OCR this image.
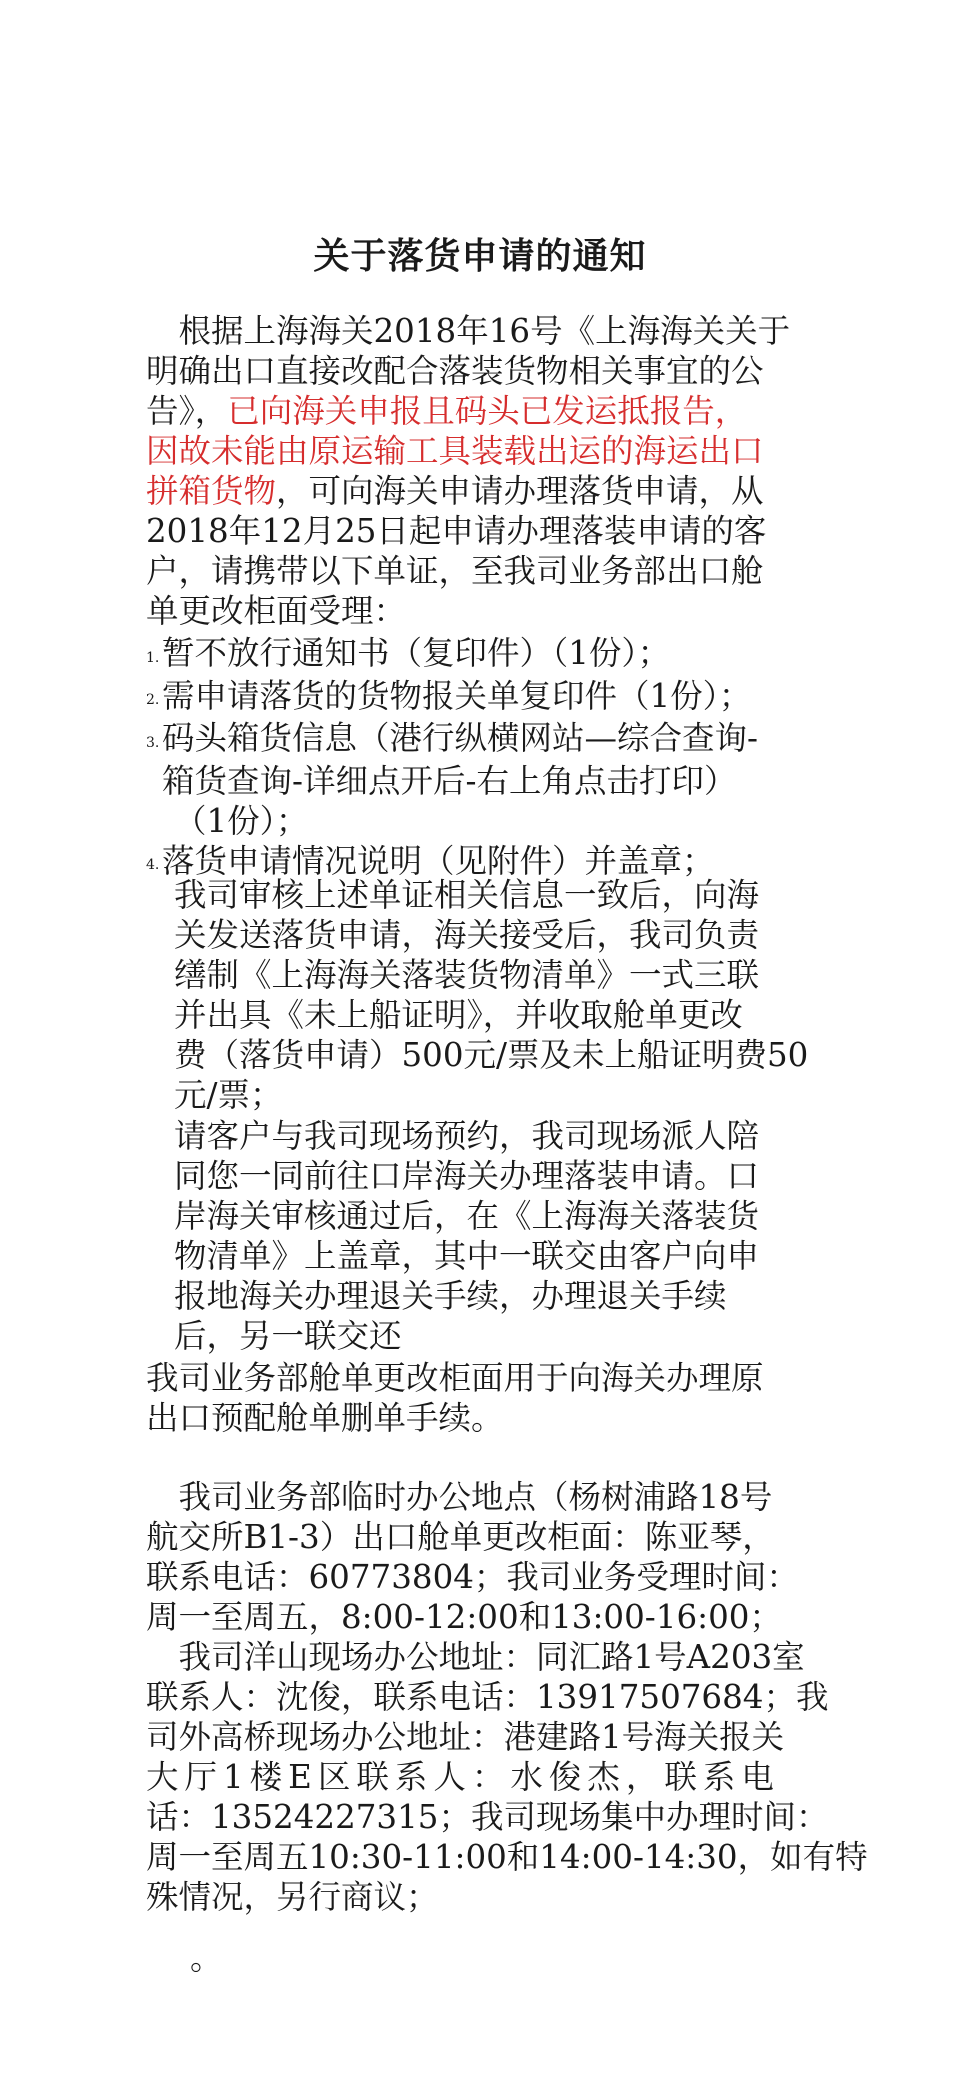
关于落货申请的通知
　根据上海海关2018年16号《上海海关关于
明确出口直接改配合落装货物相关事宜的公
告》，已向海关申报且码头已发运抵报告，
因故未能由原运输工具装载出运的海运出口
拼箱货物，可向海关申请办理落货申请，从
2018年12月25日起申请办理落装申请的客
户，请携带以下单证，至我司业务部出口舱
单更改柜面受理：
1.暂不放行通知书（复印件）（1份）；
2.需申请落货的货物报关单复印件（1份）；
3.码头箱货信息（港行纵横网站—综合查询-
箱货查询-详细点开后-右上角点击打印）
（1份）；
4.落货申请情况说明（见附件）并盖章；
我司审核上述单证相关信息一致后，向海
关发送落货申请，海关接受后，我司负责
缮制《上海海关落装货物清单》一式三联
并出具《未上船证明》，并收取舱单更改
费（落货申请）500元/票及未上船证明费50
元/票；
请客户与我司现场预约，我司现场派人陪
同您一同前往口岸海关办理落装申请。口
岸海关审核通过后，在《上海海关落装货
物清单》上盖章，其中一联交由客户向申
报地海关办理退关手续，办理退关手续
后，另一联交还
我司业务部舱单更改柜面用于向海关办理原
出口预配舱单删单手续。
　我司业务部临时办公地点（杨树浦路18号
航交所B1-3）出口舱单更改柜面：陈亚琴，
联系电话：60773804；我司业务受理时间：
周一至周五，8:00-12:00和13:00-16:00；
　我司洋山现场办公地址：同汇路1号A203室
联系人：沈俊，联系电话：13917507684；我
司外高桥现场办公地址：港建路1号海关报关
大厅1楼E区联系人：水俊杰，联系电
话：13524227315；我司现场集中办理时间：
周一至周五10:30-11:00和14:00-14:30，如有特
殊情况，另行商议；
。
